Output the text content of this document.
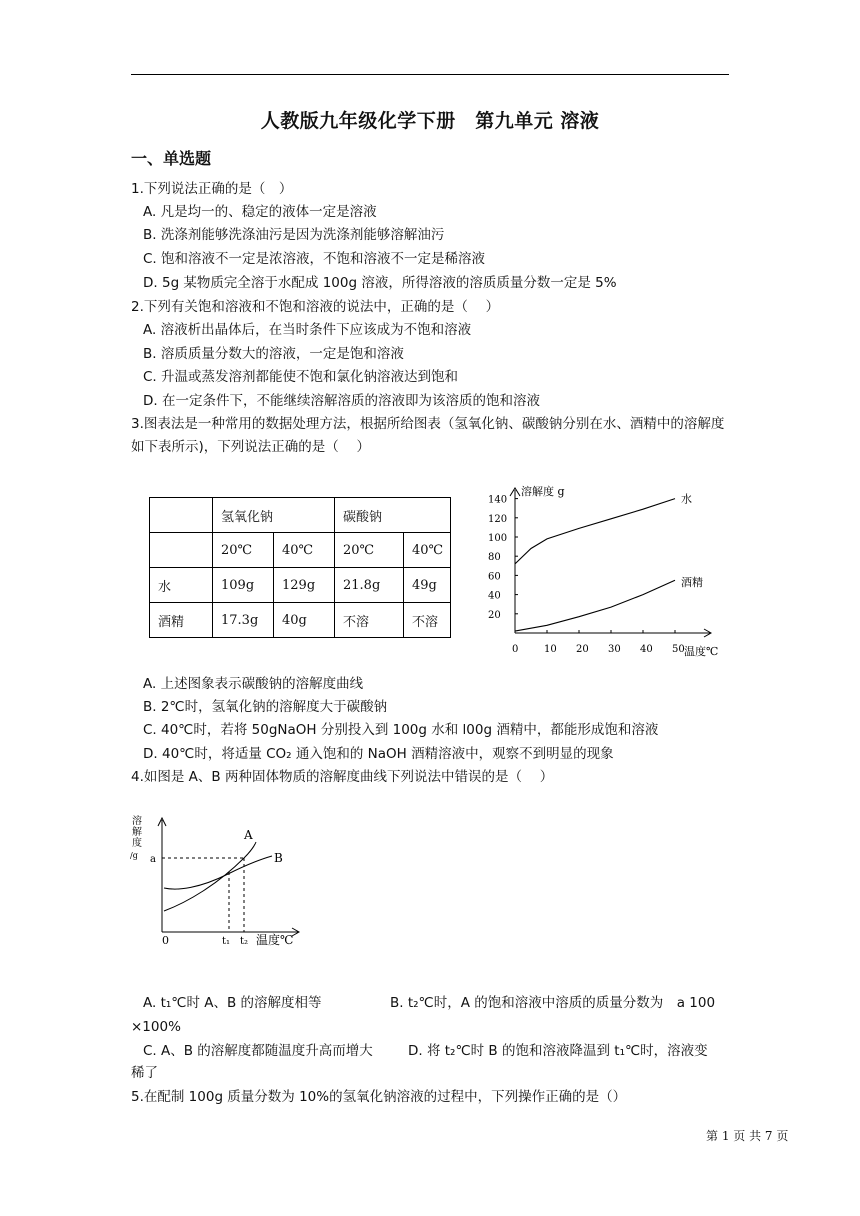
人教版九年级化学下册　第九单元 溶液
一、单选题
1.下列说法正确的是（　）
A. 凡是均一的、稳定的液体一定是溶液
B. 洗涤剂能够洗涤油污是因为洗涤剂能够溶解油污
C. 饱和溶液不一定是浓溶液，不饱和溶液不一定是稀溶液
D. 5g 某物质完全溶于水配成 100g 溶液，所得溶液的溶质质量分数一定是 5%
2.下列有关饱和溶液和不饱和溶液的说法中，正确的是（　 ）
A. 溶液析出晶体后，在当时条件下应该成为不饱和溶液
B. 溶质质量分数大的溶液，一定是饱和溶液
C. 升温或蒸发溶剂都能使不饱和氯化钠溶液达到饱和
D. 在一定条件下，不能继续溶解溶质的溶液即为该溶质的饱和溶液
3.图表法是一种常用的数据处理方法，根据所给图表（氢氧化钠、碳酸钠分别在水、酒精中的溶解度如下表所示)，下列说法正确的是（　 ）
	氢氧化钠		碳酸钠	
	20℃	40℃	20℃	40℃
水	109g	129g	21.8g	49g
酒精	17.3g	40g	不溶	不溶
0	10 20 30 40 50
20
40
60
80
100
120
140	水
酒精
溶解度 g
温度℃
A. 上述图象表示碳酸钠的溶解度曲线
B. 2℃时，氢氧化钠的溶解度大于碳酸钠
C. 40℃时，若将 50gNaOH 分别投入到 100g 水和 l00g 酒精中，都能形成饱和溶液
D. 40℃时，将适量 CO₂ 通入饱和的 NaOH 酒精溶液中，观察不到明显的现象
4.如图是 A、B 两种固体物质的溶解度曲线下列说法中错误的是（　 ）
溶
解
度
/g a
A
B
0	t₁ t₂ 温度℃
A. t₁℃时 A、B 的溶解度相等	B. t₂℃时，A 的饱和溶液中溶质的质量分数为　a 100
×100%
C. A、B 的溶解度都随温度升高而增大	D. 将 t₂℃时 B 的饱和溶液降温到 t₁℃时，溶液变
稀了
5.在配制 100g 质量分数为 10%的氢氧化钠溶液的过程中，下列操作正确的是（）
第 1 页 共 7 页
